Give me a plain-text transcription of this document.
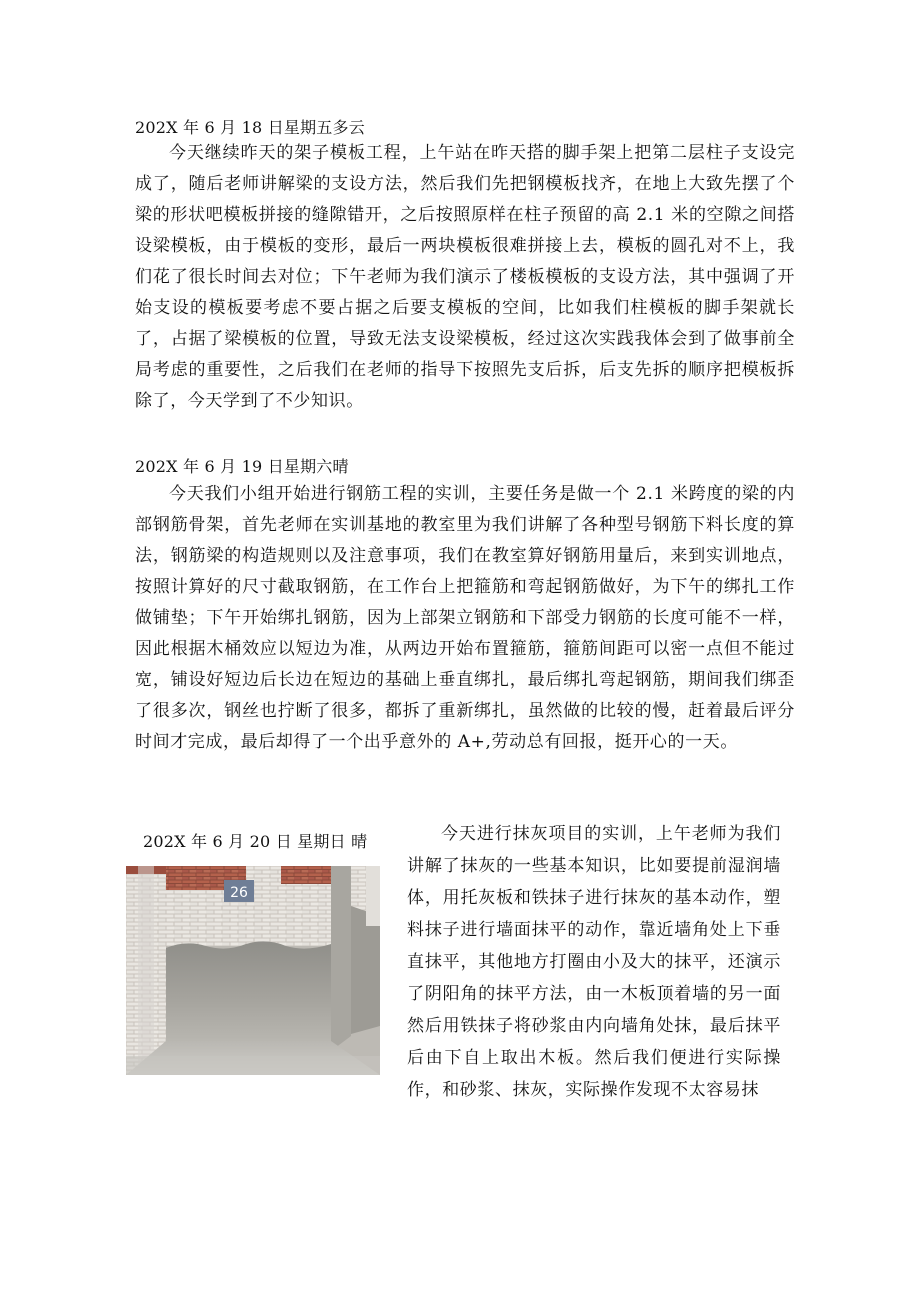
202X 年 6 月 18 日星期五多云

今天继续昨天的架子模板工程，上午站在昨天搭的脚手架上把第二层柱子支设完成了，随后老师讲解梁的支设方法，然后我们先把钢模板找齐，在地上大致先摆了个梁的形状吧模板拼接的缝隙错开，之后按照原样在柱子预留的高 2.1 米的空隙之间搭设梁模板，由于模板的变形，最后一两块模板很难拼接上去，模板的圆孔对不上，我们花了很长时间去对位；下午老师为我们演示了楼板模板的支设方法，其中强调了开始支设的模板要考虑不要占据之后要支模板的空间，比如我们柱模板的脚手架就长了，占据了梁模板的位置，导致无法支设梁模板，经过这次实践我体会到了做事前全局考虑的重要性，之后我们在老师的指导下按照先支后拆，后支先拆的顺序把模板拆除了，今天学到了不少知识。

202X 年 6 月 19 日星期六晴

今天我们小组开始进行钢筋工程的实训，主要任务是做一个 2.1 米跨度的梁的内部钢筋骨架，首先老师在实训基地的教室里为我们讲解了各种型号钢筋下料长度的算法，钢筋梁的构造规则以及注意事项，我们在教室算好钢筋用量后，来到实训地点，按照计算好的尺寸截取钢筋，在工作台上把箍筋和弯起钢筋做好，为下午的绑扎工作做铺垫；下午开始绑扎钢筋，因为上部架立钢筋和下部受力钢筋的长度可能不一样，因此根据木桶效应以短边为准，从两边开始布置箍筋，箍筋间距可以密一点但不能过宽，铺设好短边后长边在短边的基础上垂直绑扎，最后绑扎弯起钢筋，期间我们绑歪了很多次，钢丝也拧断了很多，都拆了重新绑扎，虽然做的比较的慢，赶着最后评分时间才完成，最后却得了一个出乎意外的 A+,劳动总有回报，挺开心的一天。

202X 年 6 月 20 日 星期日 晴
26

今天进行抹灰项目的实训，上午老师为我们讲解了抹灰的一些基本知识，比如要提前湿润墙体，用托灰板和铁抹子进行抹灰的基本动作，塑料抹子进行墙面抹平的动作，靠近墙角处上下垂直抹平，其他地方打圈由小及大的抹平，还演示了阴阳角的抹平方法，由一木板顶着墙的另一面然后用铁抹子将砂浆由内向墙角处抹，最后抹平后由下自上取出木板。然后我们便进行实际操作，和砂浆、抹灰，实际操作发现不太容易抹
